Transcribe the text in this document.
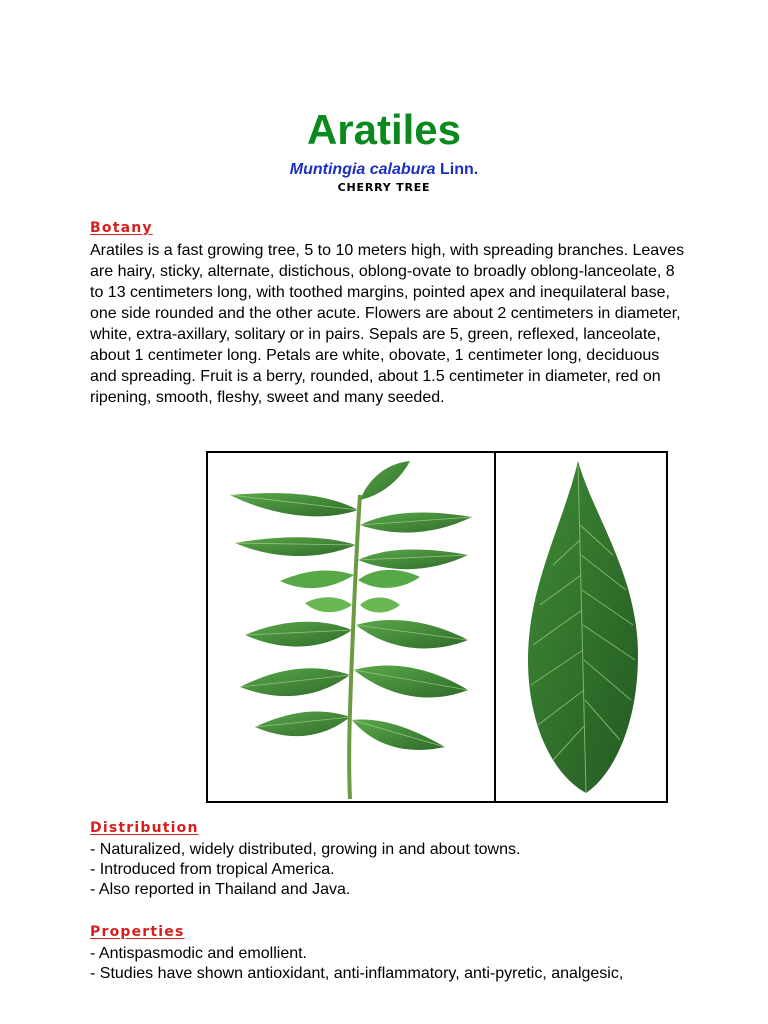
Aratiles
Muntingia calabura Linn.
CHERRY TREE
Botany

Aratiles is a fast growing tree, 5 to 10 meters high, with spreading branches. Leaves are hairy, sticky, alternate, distichous, oblong-ovate to broadly oblong-lanceolate, 8 to 13 centimeters long, with toothed margins, pointed apex and inequilateral base, one side rounded and the other acute. Flowers are about 2 centimeters in diameter, white, extra-axillary, solitary or in pairs. Sepals are 5, green, reflexed, lanceolate, about 1 centimeter long. Petals are white, obovate, 1 centimeter long, deciduous and spreading. Fruit is a berry, rounded, about 1.5 centimeter in diameter, red on ripening, smooth, fleshy, sweet and many seeded.

Distribution
- Naturalized, widely distributed, growing in and about towns.
- Introduced from tropical America.
- Also reported in Thailand and Java.
Properties
- Antispasmodic and emollient.
- Studies have shown antioxidant, anti-inflammatory, anti-pyretic, analgesic,
